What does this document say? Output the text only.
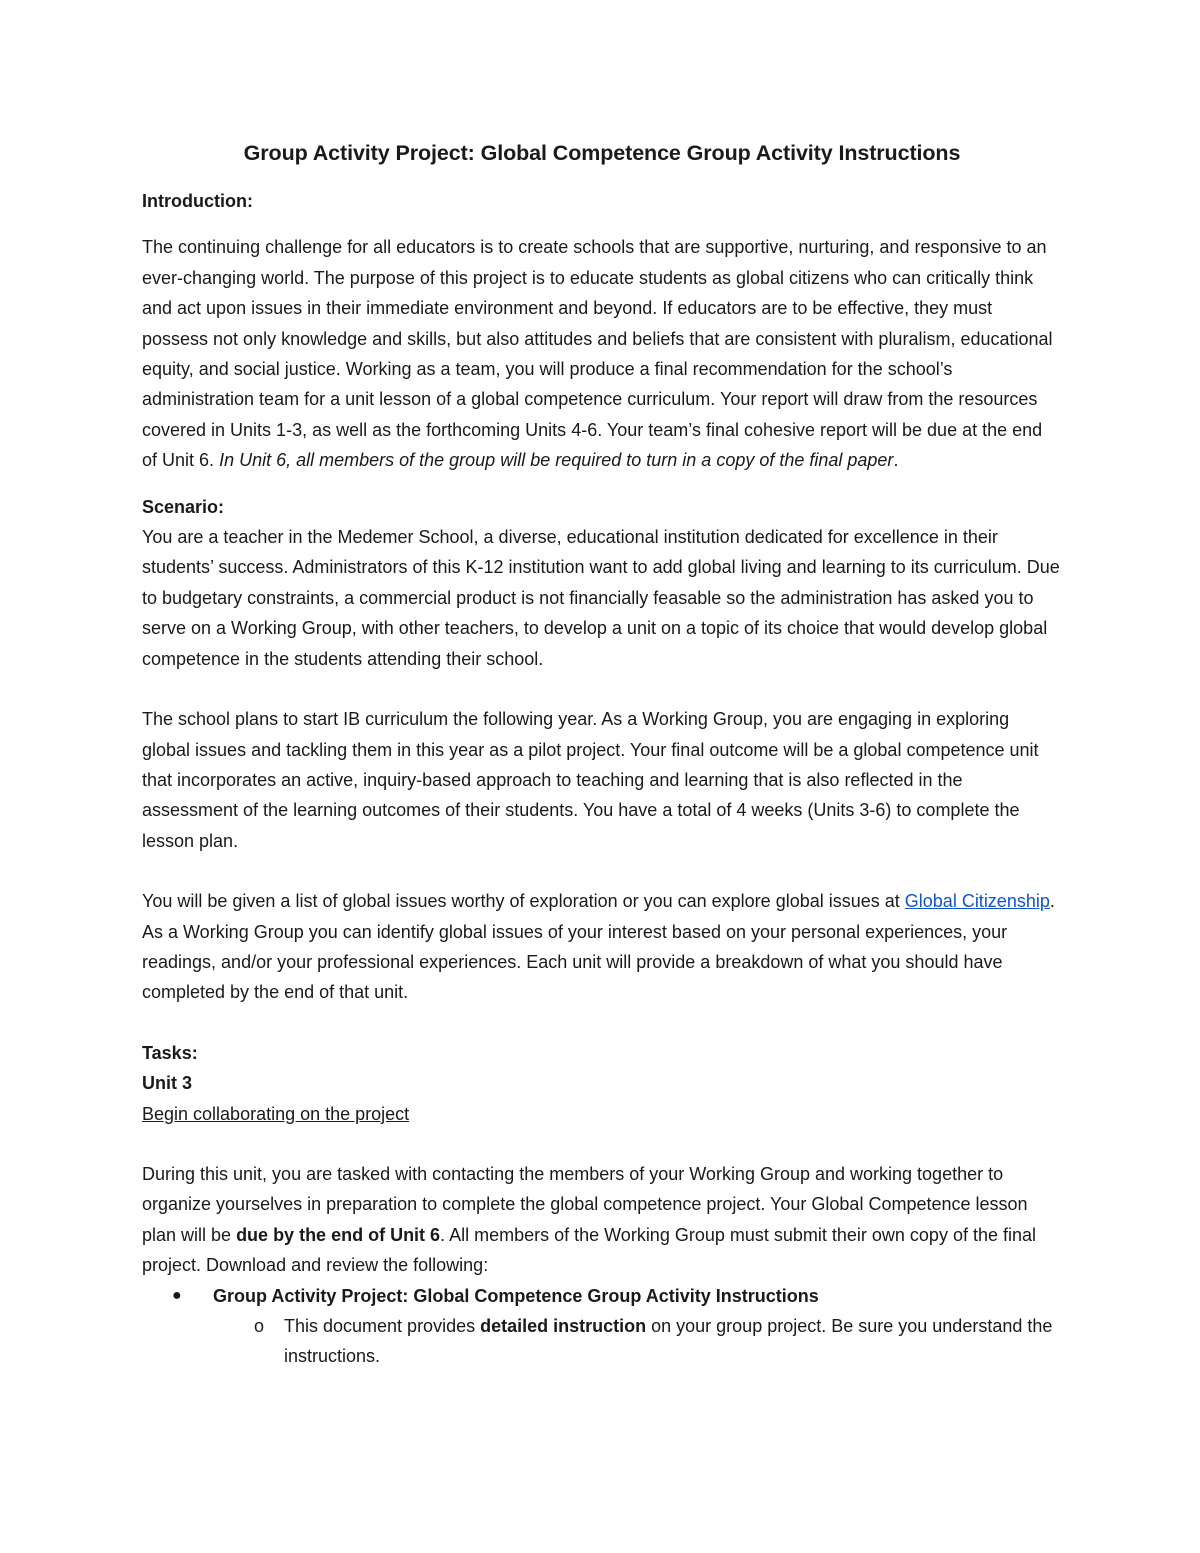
Group Activity Project: Global Competence Group Activity Instructions

Introduction:

The continuing challenge for all educators is to create schools that are supportive, nurturing, and responsive to an ever-changing world. The purpose of this project is to educate students as global citizens who can critically think and act upon issues in their immediate environment and beyond. If educators are to be effective, they must possess not only knowledge and skills, but also attitudes and beliefs that are consistent with pluralism, educational equity, and social justice. Working as a team, you will produce a final recommendation for the school’s administration team for a unit lesson of a global competence curriculum. Your report will draw from the resources covered in Units 1-3, as well as the forthcoming Units 4-6. Your team’s final cohesive report will be due at the end of Unit 6. In Unit 6, all members of the group will be required to turn in a copy of the final paper.

Scenario:

You are a teacher in the Medemer School, a diverse, educational institution dedicated for excellence in their students’ success. Administrators of this K-12 institution want to add global living and learning to its curriculum. Due to budgetary constraints, a commercial product is not financially feasable so the administration has asked you to serve on a Working Group, with other teachers, to develop a unit on a topic of its choice that would develop global competence in the students attending their school.

The school plans to start IB curriculum the following year. As a Working Group, you are engaging in exploring global issues and tackling them in this year as a pilot project. Your final outcome will be a global competence unit that incorporates an active, inquiry-based approach to teaching and learning that is also reflected in the assessment of the learning outcomes of their students. You have a total of 4 weeks (Units 3-6) to complete the lesson plan.

You will be given a list of global issues worthy of exploration or you can explore global issues at Global Citizenship. As a Working Group you can identify global issues of your interest based on your personal experiences, your readings, and/or your professional experiences. Each unit will provide a breakdown of what you should have completed by the end of that unit.

Tasks:

Unit 3

Begin collaborating on the project

During this unit, you are tasked with contacting the members of your Working Group and working together to organize yourselves in preparation to complete the global competence project. Your Global Competence lesson plan will be due by the end of Unit 6. All members of the Working Group must submit their own copy of the final project. Download and review the following:

● Group Activity Project: Global Competence Group Activity Instructions
o This document provides detailed instruction on your group project. Be sure you understand the instructions.
